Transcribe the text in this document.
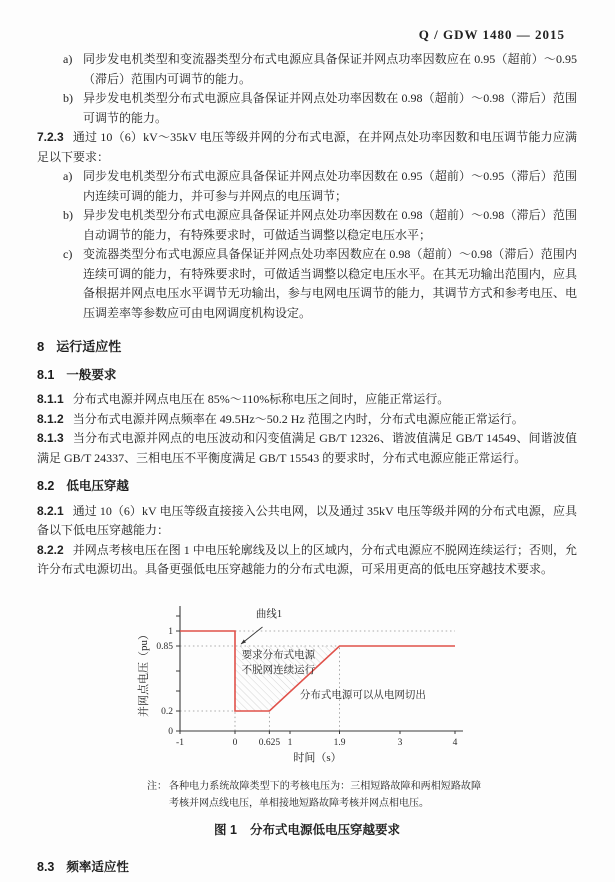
Q / GDW 1480 — 2015
a) 同步发电机类型和变流器类型分布式电源应具备保证并网点功率因数应在 0.95（超前）～0.95（滞后）范围内可调节的能力。
b) 异步发电机类型分布式电源应具备保证并网点处功率因数在 0.98（超前）～0.98（滞后）范围可调节的能力。

7.2.3 通过 10（6）kV～35kV 电压等级并网的分布式电源，在并网点处功率因数和电压调节能力应满足以下要求：

a) 同步发电机类型分布式电源应具备保证并网点处功率因数在 0.95（超前）～0.95（滞后）范围内连续可调的能力，并可参与并网点的电压调节；
b) 异步发电机类型分布式电源应具备保证并网点处功率因数在 0.98（超前）～0.98（滞后）范围自动调节的能力，有特殊要求时，可做适当调整以稳定电压水平；
c) 变流器类型分布式电源应具备保证并网点处功率因数应在 0.98（超前）～0.98（滞后）范围内连续可调的能力，有特殊要求时，可做适当调整以稳定电压水平。在其无功输出范围内，应具备根据并网点电压水平调节无功输出，参与电网电压调节的能力，其调节方式和参考电压、电压调差率等参数应可由电网调度机构设定。
8 运行适应性
8.1 一般要求

8.1.1 分布式电源并网点电压在 85%～110%标称电压之间时，应能正常运行。

8.1.2 当分布式电源并网点频率在 49.5Hz～50.2 Hz 范围之内时，分布式电源应能正常运行。

8.1.3 当分布式电源并网点的电压波动和闪变值满足 GB/T 12326、谐波值满足 GB/T 14549、间谐波值满足 GB/T 24337、三相电压不平衡度满足 GB/T 15543 的要求时，分布式电源应能正常运行。

8.2 低电压穿越

8.2.1 通过 10（6）kV 电压等级直接接入公共电网，以及通过 35kV 电压等级并网的分布式电源，应具备以下低电压穿越能力：

8.2.2 并网点考核电压在图 1 中电压轮廓线及以上的区域内，分布式电源应不脱网连续运行；否则，允许分布式电源切出。具备更强低电压穿越能力的分布式电源，可采用更高的低电压穿越技术要求。

-1	0 0.625 1	1.9	3	4
0
0.2
0.85
1
曲线1
要求分布式电源不脱网连续运行
分布式电源可以从电网切出
时间（s）
并网点电压（pu）
注： 各种电力系统故障类型下的考核电压为：三相短路故障和两相短路故障考核并网点线电压，单相接地短路故障考核并网点相电压。
图 1 分布式电源低电压穿越要求
8.3 频率适应性
